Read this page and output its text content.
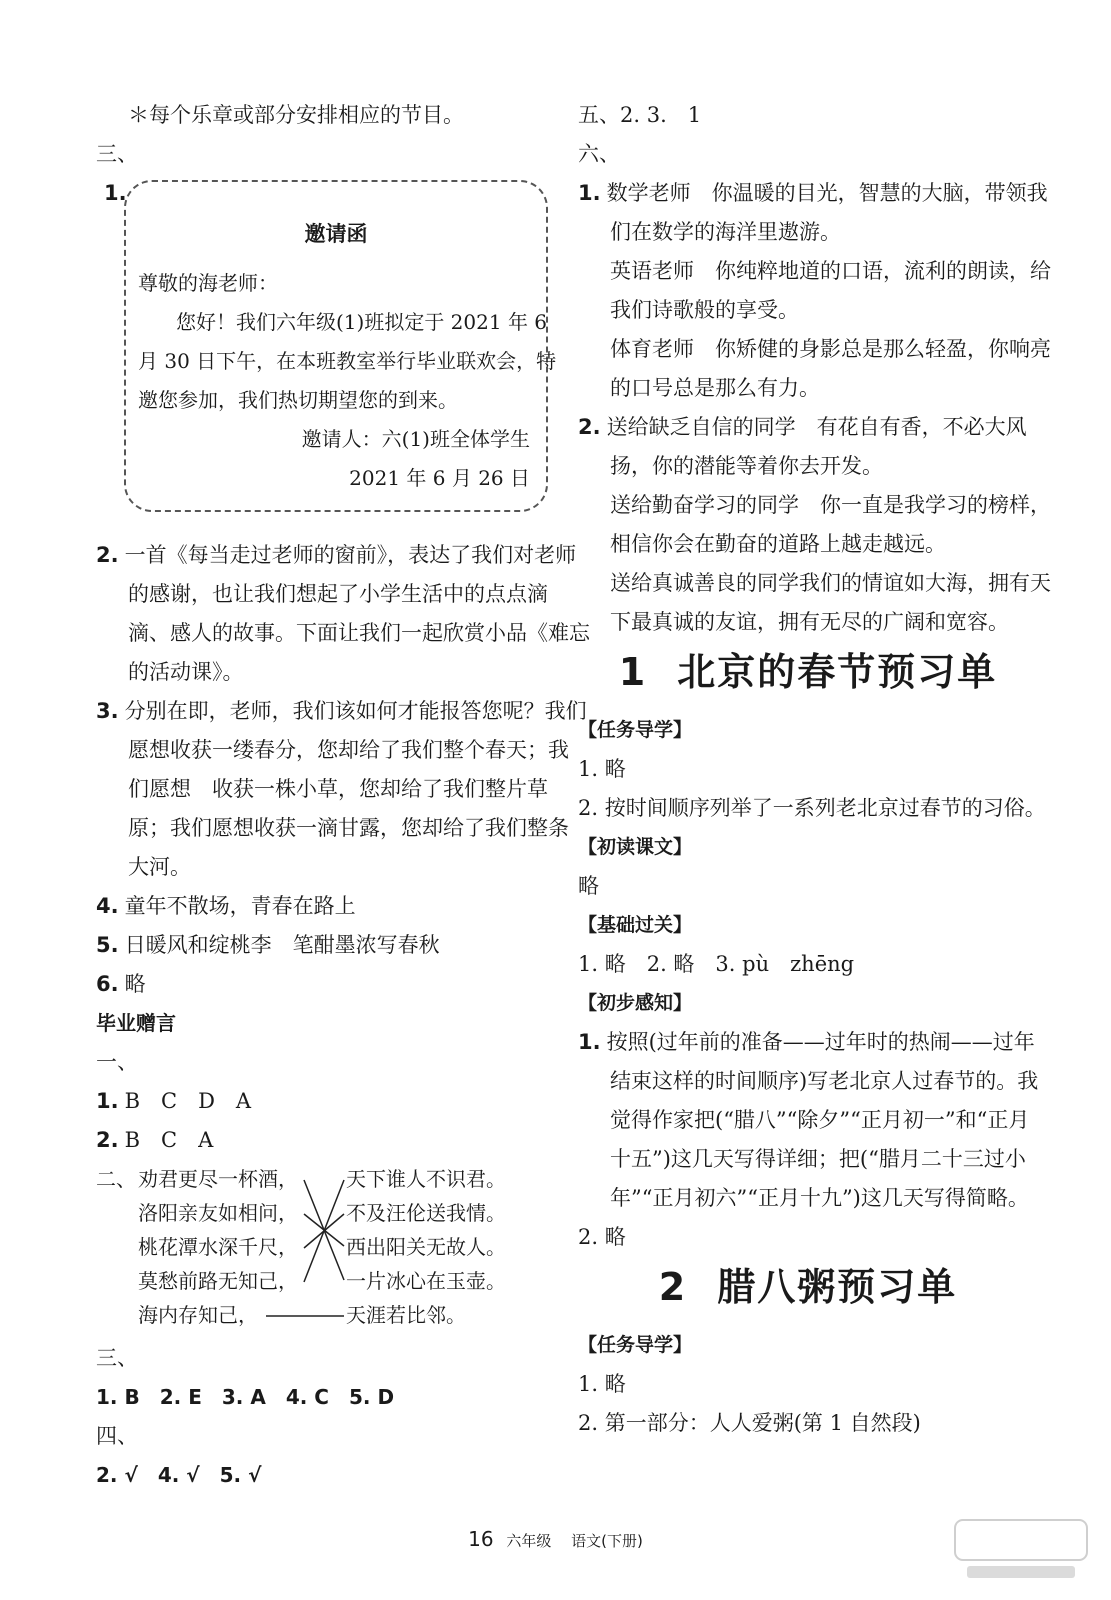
＊每个乐章或部分安排相应的节目。
三、
1.
邀请函
尊敬的海老师：
您好！我们六年级(1)班拟定于 2021 年 6
月 30 日下午，在本班教室举行毕业联欢会，特
邀您参加，我们热切期望您的到来。
邀请人：六(1)班全体学生
2021 年 6 月 26 日
2. 一首《每当走过老师的窗前》，表达了我们对老师
的感谢，也让我们想起了小学生活中的点点滴
滴、感人的故事。下面让我们一起欣赏小品《难忘
的活动课》。
3. 分别在即，老师，我们该如何才能报答您呢？我们
愿想收获一缕春分，您却给了我们整个春天；我
们愿想　收获一株小草，您却给了我们整片草
原；我们愿想收获一滴甘露，您却给了我们整条
大河。
4. 童年不散场，青春在路上
5. 日暖风和绽桃李　笔酣墨浓写春秋
6. 略
毕业赠言
一、
1. B　C　D　A
2. B　C　A
二、 劝君更尽一杯酒，
洛阳亲友如相问，
桃花潭水深千尺，
莫愁前路无知己，
海内存知己，
天下谁人不识君。
不及汪伦送我情。
西出阳关无故人。
一片冰心在玉壶。
天涯若比邻。
三、
1. B　2. E　3. A　4. C　5. D
四、
2. √　4. √　5. √
五、2. 3.　1
六、
1. 数学老师　你温暖的目光，智慧的大脑，带领我
们在数学的海洋里遨游。
英语老师　你纯粹地道的口语，流利的朗读，给
我们诗歌般的享受。
体育老师　你矫健的身影总是那么轻盈，你响亮
的口号总是那么有力。
2. 送给缺乏自信的同学　有花自有香，不必大风
扬，你的潜能等着你去开发。
送给勤奋学习的同学　你一直是我学习的榜样，
相信你会在勤奋的道路上越走越远。
送给真诚善良的同学我们的情谊如大海，拥有天
下最真诚的友谊，拥有无尽的广阔和宽容。
1 北京的春节预习单
【任务导学】
1. 略
2. 按时间顺序列举了一系列老北京过春节的习俗。
【初读课文】
略
【基础过关】
1. 略　2. 略　3. pù　zhēng
【初步感知】
1. 按照(过年前的准备——过年时的热闹——过年
结束这样的时间顺序)写老北京人过春节的。我
觉得作家把(“腊八”“除夕”“正月初一”和“正月
十五”)这几天写得详细；把(“腊月二十三过小
年”“正月初六”“正月十九”)这几天写得简略。
2. 略
2 腊八粥预习单
【任务导学】
1. 略
2. 第一部分：人人爱粥(第 1 自然段)
16 六年级　 语文(下册)
